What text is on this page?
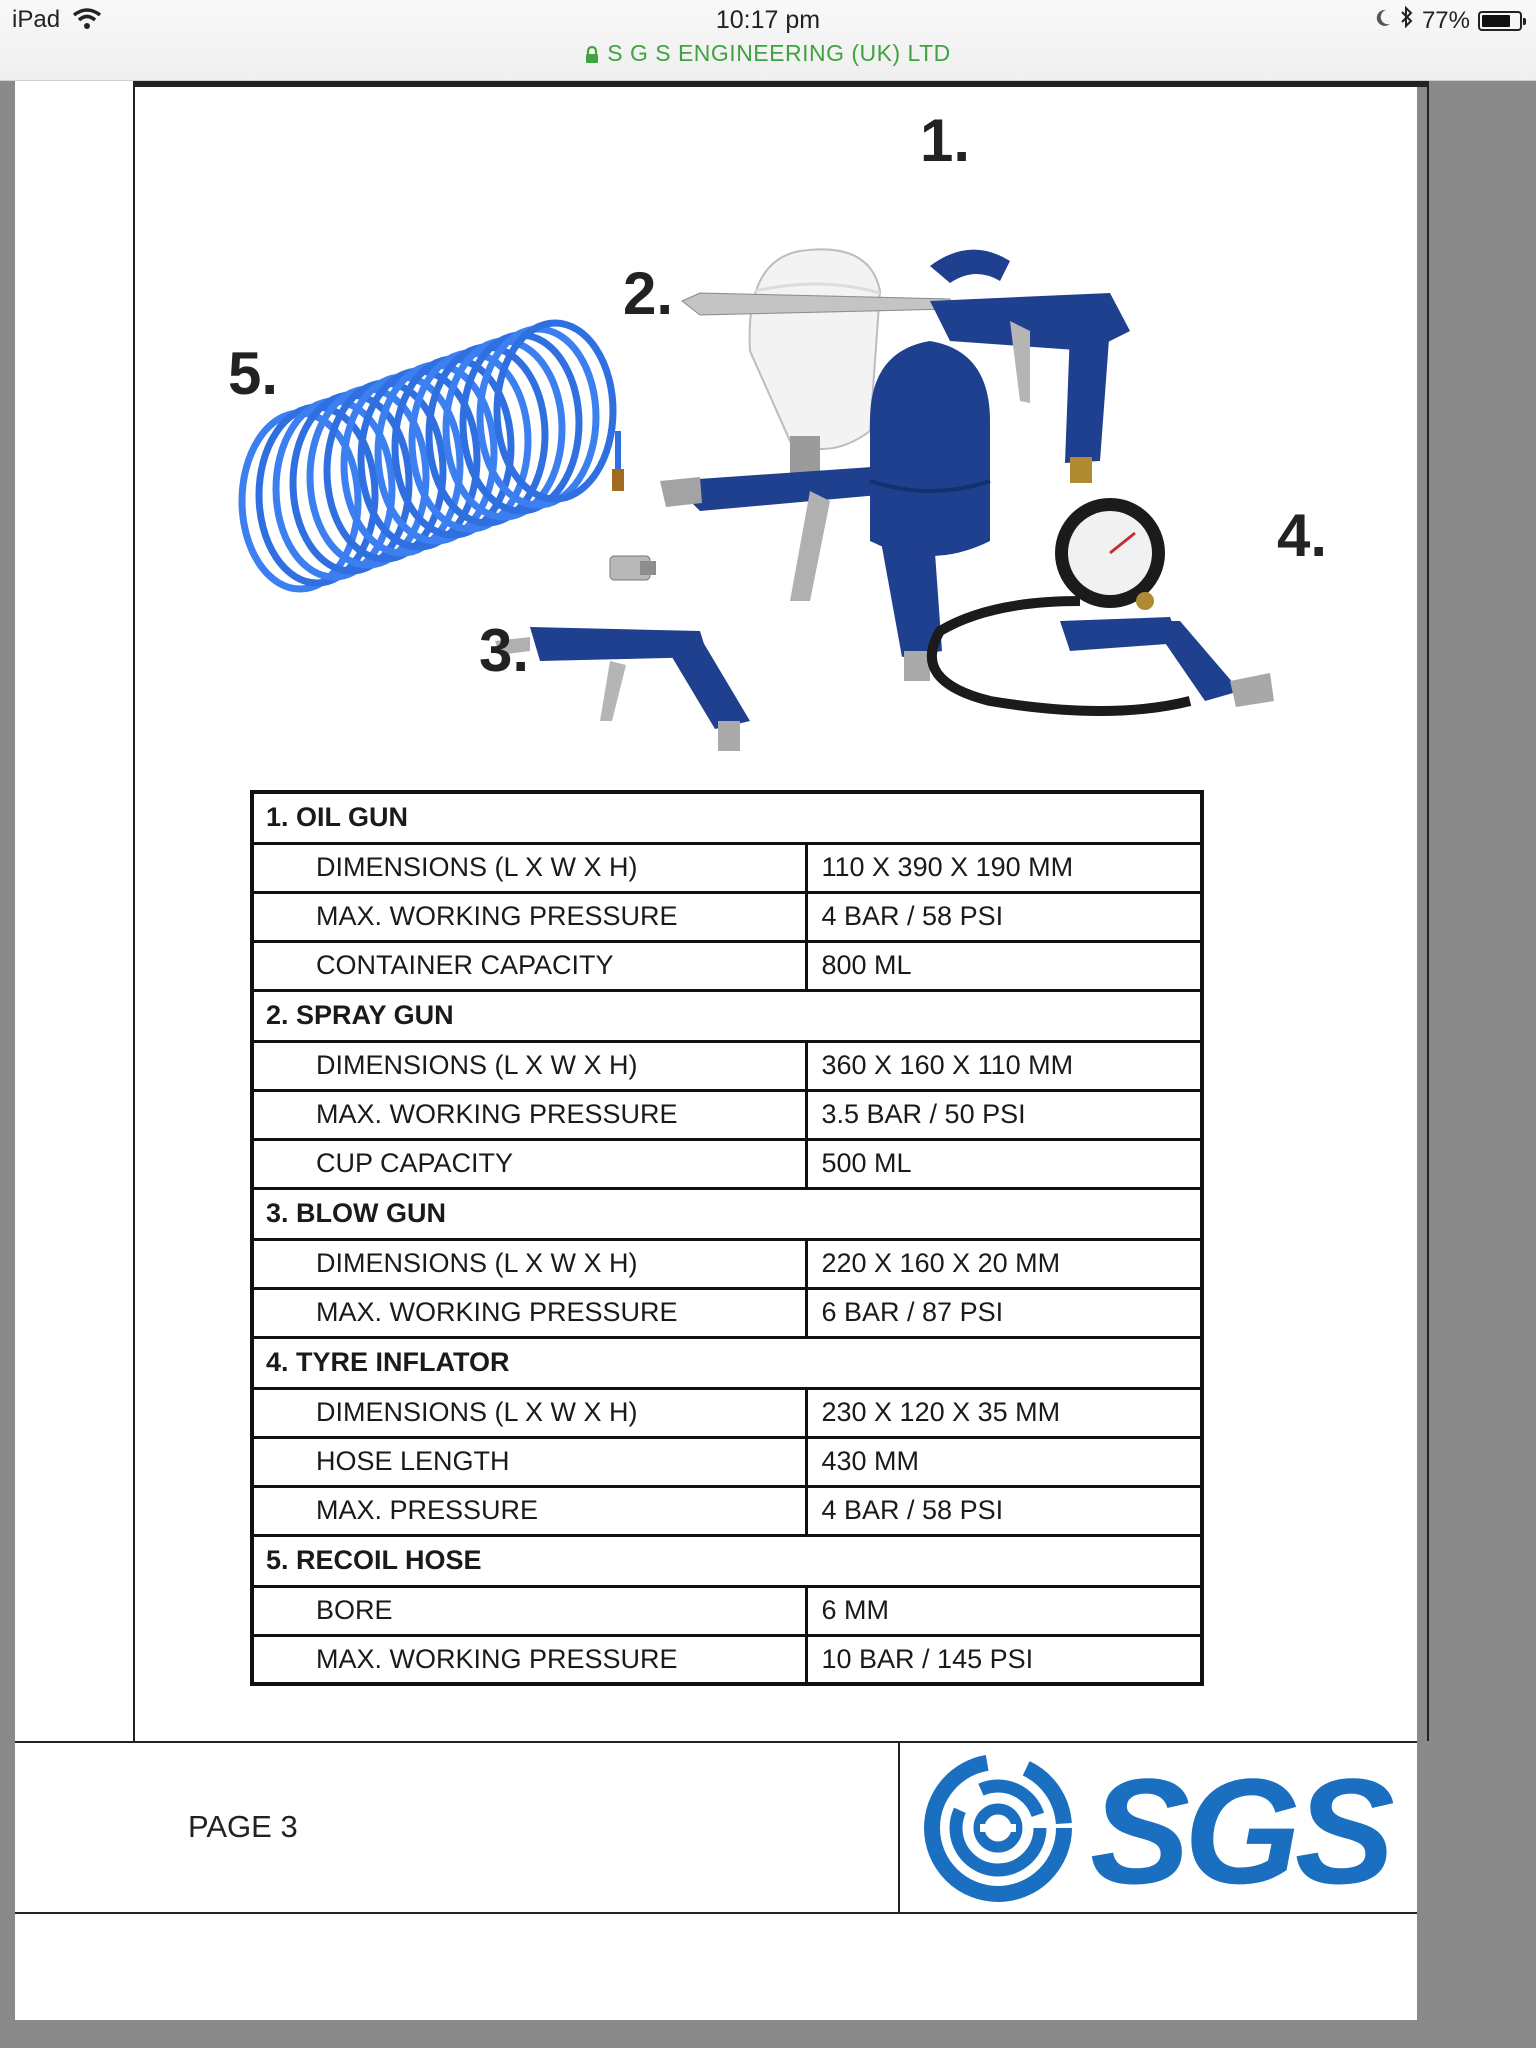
iPad	10:17 pm
S G S ENGINEERING (UK) LTD
77%
1.
2.
3.
4.
5.
1. OIL GUN	
DIMENSIONS (L X W X H)	110 X 390 X 190 MM
MAX. WORKING PRESSURE	4 BAR / 58 PSI
CONTAINER CAPACITY	800 ML
2. SPRAY GUN	
DIMENSIONS (L X W X H)	360 X 160 X 110 MM
MAX. WORKING PRESSURE	3.5 BAR / 50 PSI
CUP CAPACITY	500 ML
3. BLOW GUN	
DIMENSIONS (L X W X H)	220 X 160 X 20 MM
MAX. WORKING PRESSURE	6 BAR / 87 PSI
4. TYRE INFLATOR	
DIMENSIONS (L X W X H)	230 X 120 X 35 MM
HOSE LENGTH	430 MM
MAX. PRESSURE	4 BAR / 58 PSI
5. RECOIL HOSE	
BORE	6 MM
MAX. WORKING PRESSURE	10 BAR / 145 PSI
PAGE 3	SGS
